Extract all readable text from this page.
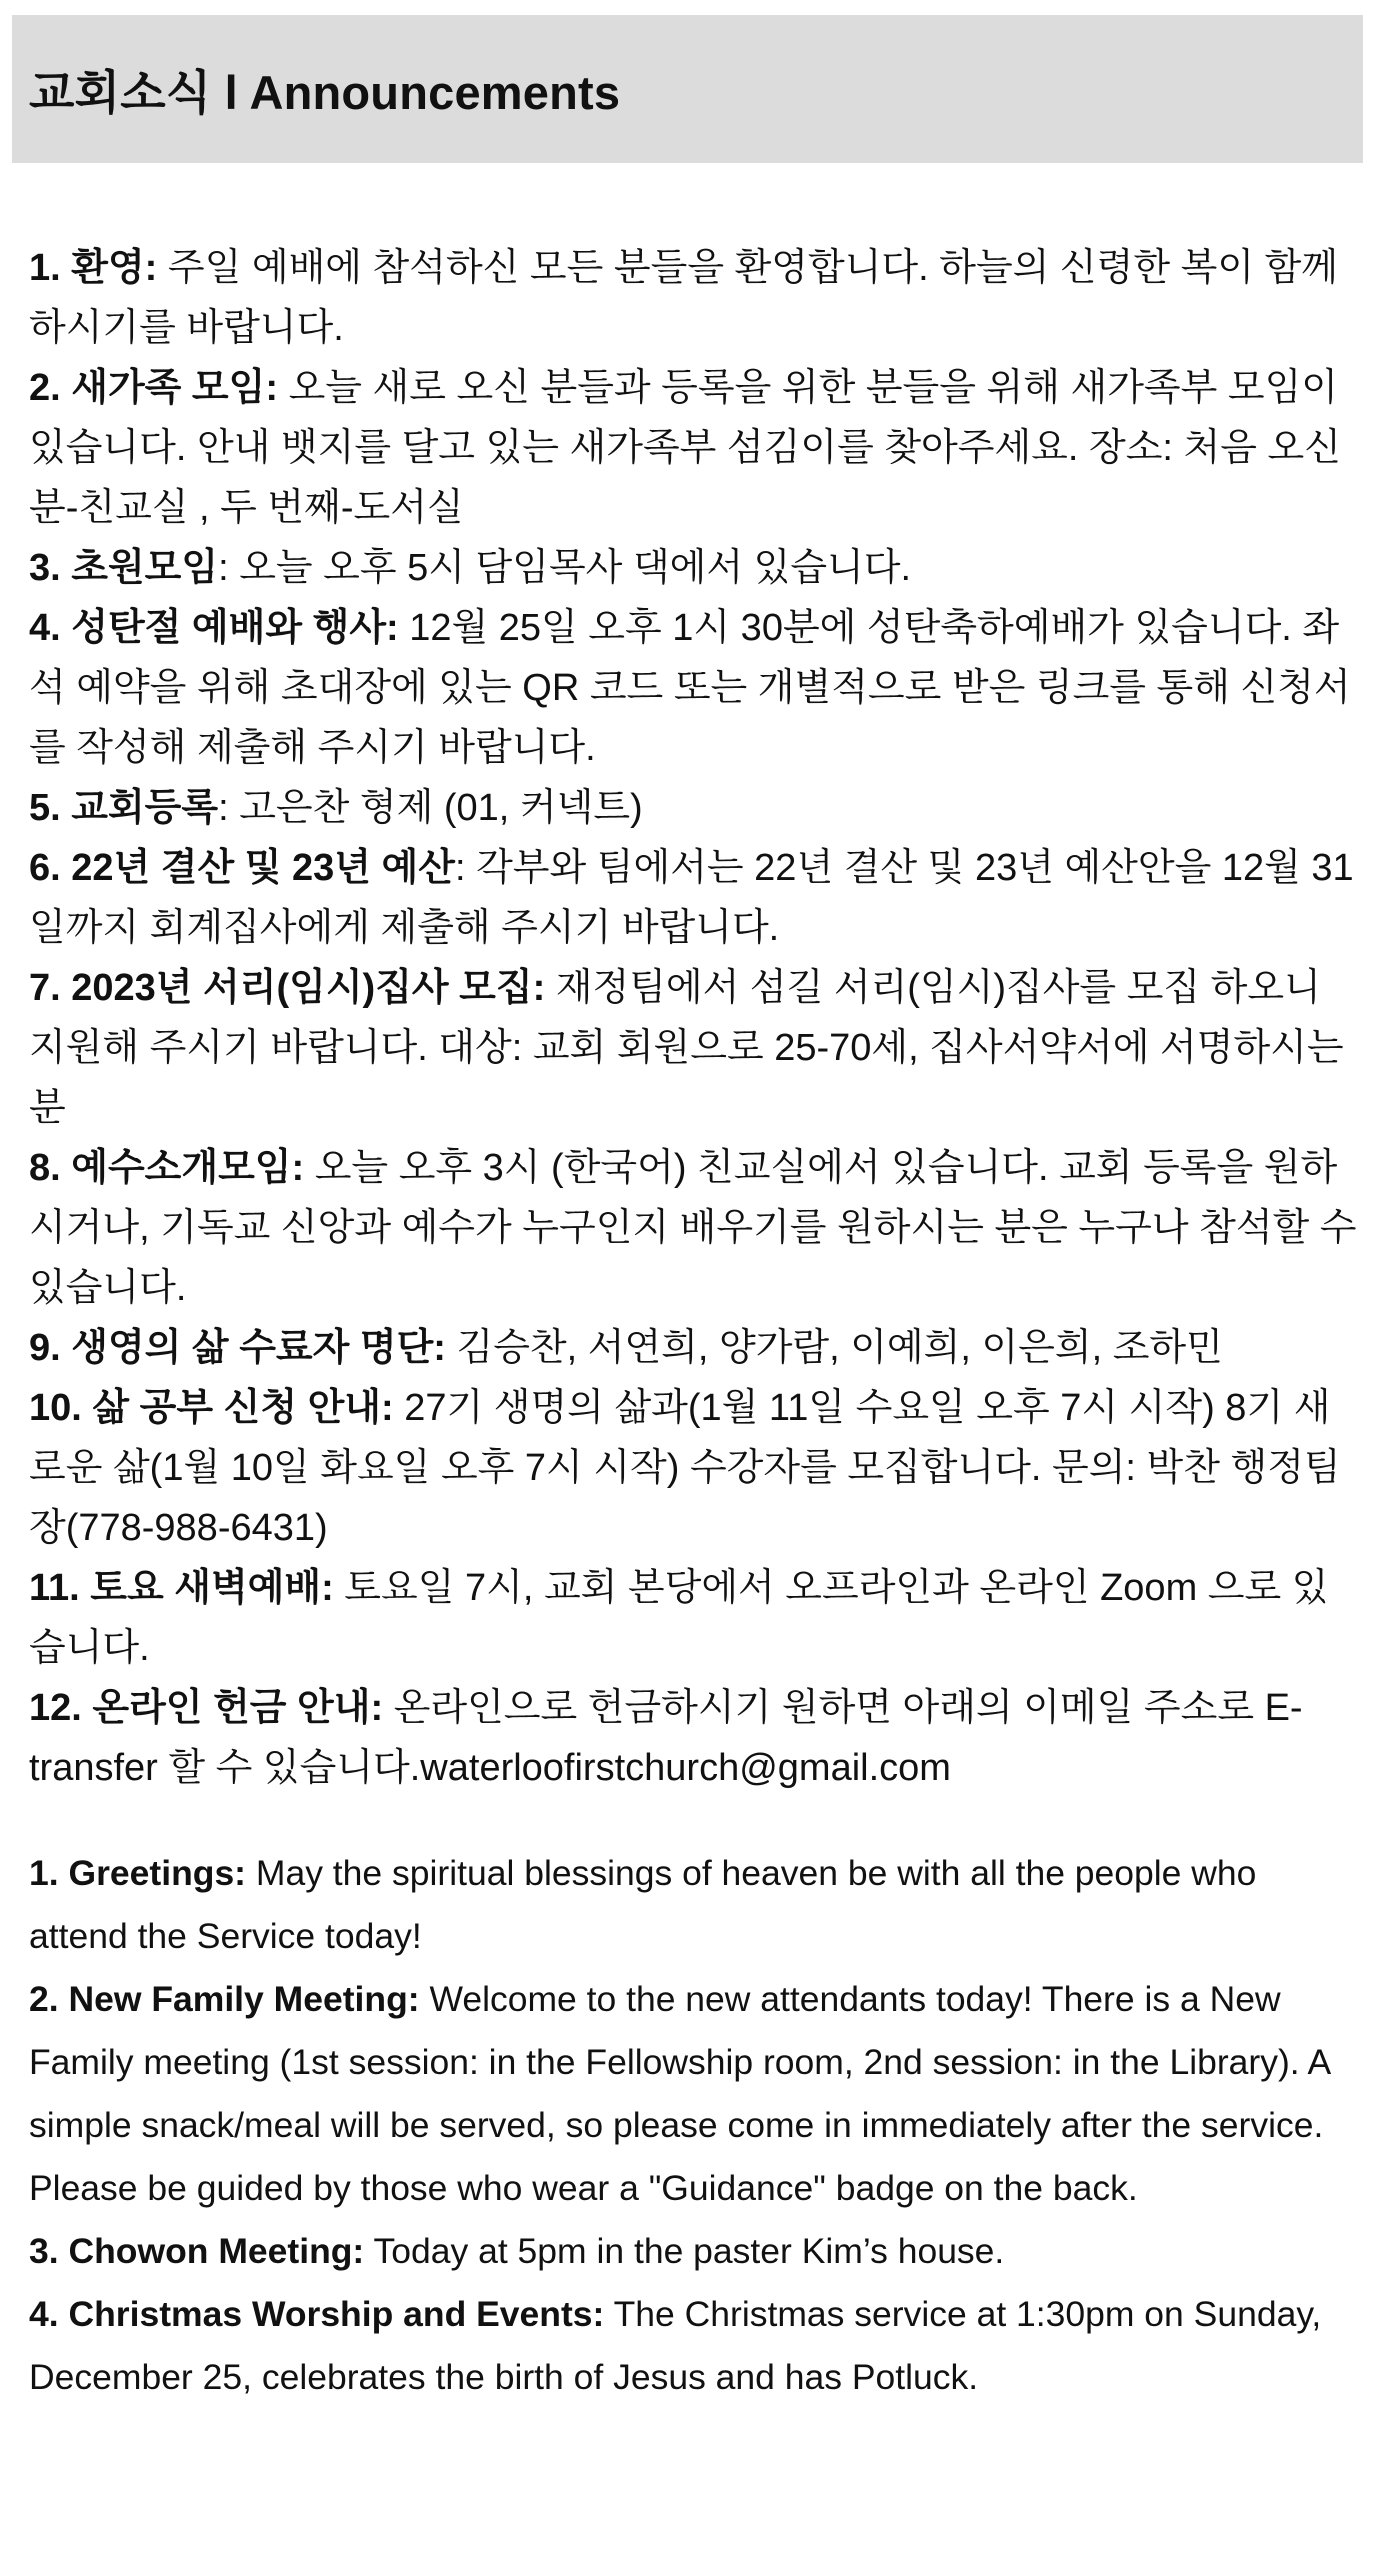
교회소식 l Announcements

1. 환영: 주일 예배에 참석하신 모든 분들을 환영합니다. 하늘의 신령한 복이 함께 하시기를 바랍니다.

2. 새가족 모임: 오늘 새로 오신 분들과 등록을 위한 분들을 위해 새가족부 모임이 있습니다. 안내 뱃지를 달고 있는 새가족부 섬김이를 찾아주세요. 장소: 처음 오신 분-친교실 , 두 번째-도서실

3. 초원모임: 오늘 오후 5시 담임목사 댁에서 있습니다.

4. 성탄절 예배와 행사: 12월 25일 오후 1시 30분에 성탄축하예배가 있습니다. 좌석 예약을 위해 초대장에 있는 QR 코드 또는 개별적으로 받은 링크를 통해 신청서를 작성해 제출해 주시기 바랍니다.

5. 교회등록: 고은찬 형제 (01, 커넥트)

6. 22년 결산 및 23년 예산: 각부와 팀에서는 22년 결산 및 23년 예산안을 12월 31일까지 회계집사에게 제출해 주시기 바랍니다.

7. 2023년 서리(임시)집사 모집: 재정팀에서 섬길 서리(임시)집사를 모집 하오니 지원해 주시기 바랍니다. 대상: 교회 회원으로 25-70세, 집사서약서에 서명하시는 분

8. 예수소개모임: 오늘 오후 3시 (한국어) 친교실에서 있습니다. 교회 등록을 원하시거나, 기독교 신앙과 예수가 누구인지 배우기를 원하시는 분은 누구나 참석할 수 있습니다.

9. 생영의 삶 수료자 명단: 김승찬, 서연희, 양가람, 이예희, 이은희, 조하민

10. 삶 공부 신청 안내: 27기 생명의 삶과(1월 11일 수요일 오후 7시 시작) 8기 새로운 삶(1월 10일 화요일 오후 7시 시작) 수강자를 모집합니다. 문의: 박찬 행정팀장(778-988-6431)

11. 토요 새벽예배: 토요일 7시, 교회 본당에서 오프라인과 온라인 Zoom 으로 있습니다.

12. 온라인 헌금 안내: 온라인으로 헌금하시기 원하면 아래의 이메일 주소로 E-transfer 할 수 있습니다.waterloofirstchurch@gmail.com

1. Greetings: May the spiritual blessings of heaven be with all the people who attend the Service today!

2. New Family Meeting: Welcome to the new attendants today! There is a New Family meeting (1st session: in the Fellowship room, 2nd session: in the Library). A simple snack/meal will be served, so please come in immediately after the service. Please be guided by those who wear a "Guidance" badge on the back.

3. Chowon Meeting: Today at 5pm in the paster Kim’s house.

4. Christmas Worship and Events: The Christmas service at 1:30pm on Sunday, December 25, celebrates the birth of Jesus and has Potluck.
